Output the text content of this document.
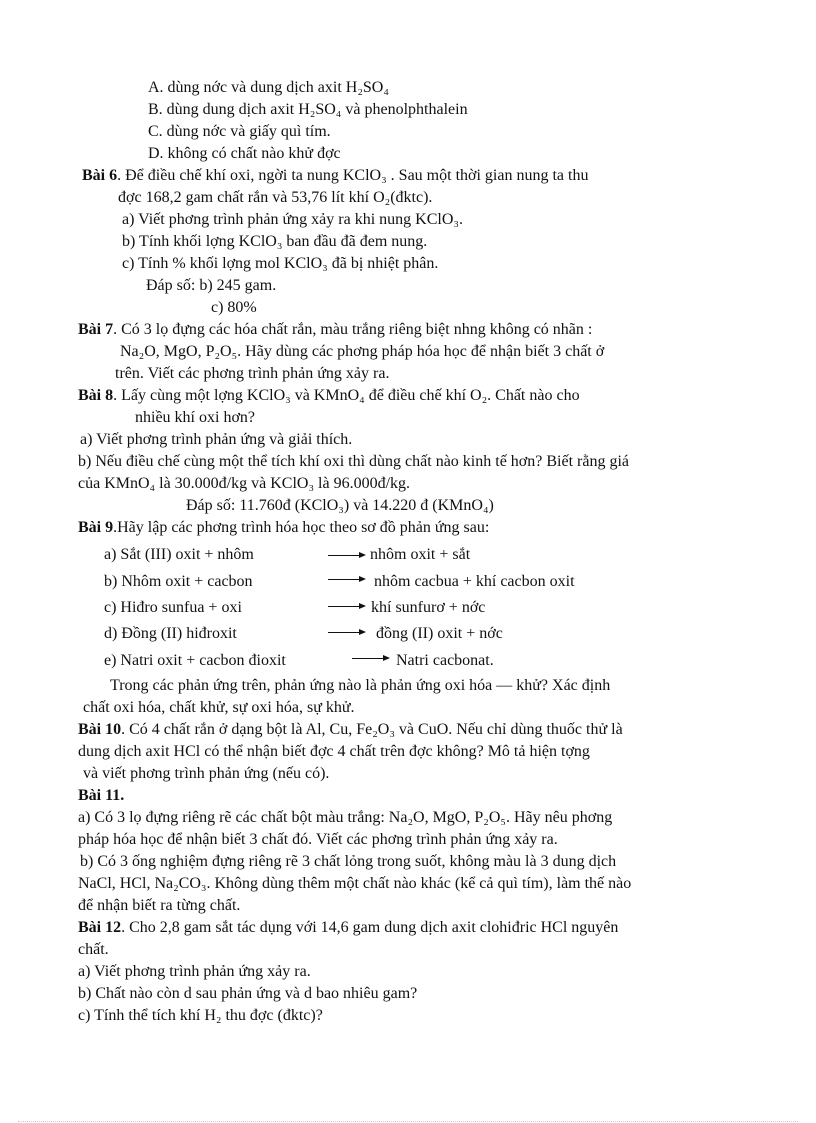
A. dùng nớc và dung dịch axit H₂SO₄
B. dùng dung dịch axit H₂SO₄ và phenolphthalein
C. dùng nớc và giấy quì tím.
D. không có chất nào khử đợc
Bài 6. Để điều chế khí oxi, ngời ta nung KClO₃ . Sau một thời gian nung ta thu
đợc 168,2 gam chất rắn và 53,76 lít khí O₂(đktc).
a) Viết phơng trình phản ứng xảy ra khi nung KClO₃.
b) Tính khối lợng KClO₃ ban đầu đã đem nung.
c) Tính % khối lợng mol KClO₃ đã bị nhiệt phân.
Đáp số: b) 245 gam.
c) 80%
Bài 7. Có 3 lọ đựng các hóa chất rắn, màu trắng riêng biệt nhng không có nhãn :
Na₂O, MgO, P₂O₅. Hãy dùng các phơng pháp hóa học để nhận biết 3 chất ở
trên. Viết các phơng trình phản ứng xảy ra.
Bài 8. Lấy cùng một lợng KClO₃ và KMnO₄ để điều chế khí O₂. Chất nào cho
nhiều khí oxi hơn?
a) Viết phơng trình phản ứng và giải thích.
b) Nếu điều chế cùng một thể tích khí oxi thì dùng chất nào kinh tế hơn? Biết rằng giá
của KMnO₄ là 30.000đ/kg và KClO₃ là 96.000đ/kg.
Đáp số: 11.760đ (KClO₃) và 14.220 đ (KMnO₄)
Bài 9.Hãy lập các phơng trình hóa học theo sơ đồ phản ứng sau:
a) Sắt (III) oxit + nhôm	nhôm oxit + sắt
b) Nhôm oxit + cacbon	nhôm cacbua + khí cacbon oxit
c) Hiđro sunfua + oxi	khí sunfurơ + nớc
d) Đồng (II) hiđroxit	đồng (II) oxit + nớc
e) Natri oxit + cacbon đioxit	Natri cacbonat.
Trong các phản ứng trên, phản ứng nào là phản ứng oxi hóa — khử? Xác định
chất oxi hóa, chất khử, sự oxi hóa, sự khử.
Bài 10. Có 4 chất rắn ở dạng bột là Al, Cu, Fe₂O₃ và CuO. Nếu chỉ dùng thuốc thử là
dung dịch axit HCl có thể nhận biết đợc 4 chất trên đợc không? Mô tả hiện tợng
và viết phơng trình phản ứng (nếu có).
Bài 11.
a) Có 3 lọ đựng riêng rẽ các chất bột màu trắng: Na₂O, MgO, P₂O₅. Hãy nêu phơng
pháp hóa học để nhận biết 3 chất đó. Viết các phơng trình phản ứng xảy ra.
b) Có 3 ống nghiệm đựng riêng rẽ 3 chất lỏng trong suốt, không màu là 3 dung dịch
NaCl, HCl, Na₂CO₃. Không dùng thêm một chất nào khác (kể cả quì tím), làm thế nào
để nhận biết ra từng chất.
Bài 12. Cho 2,8 gam sắt tác dụng với 14,6 gam dung dịch axit clohiđric HCl nguyên
chất.
a) Viết phơng trình phản ứng xảy ra.
b) Chất nào còn d sau phản ứng và d bao nhiêu gam?
c) Tính thể tích khí H₂ thu đợc (đktc)?
